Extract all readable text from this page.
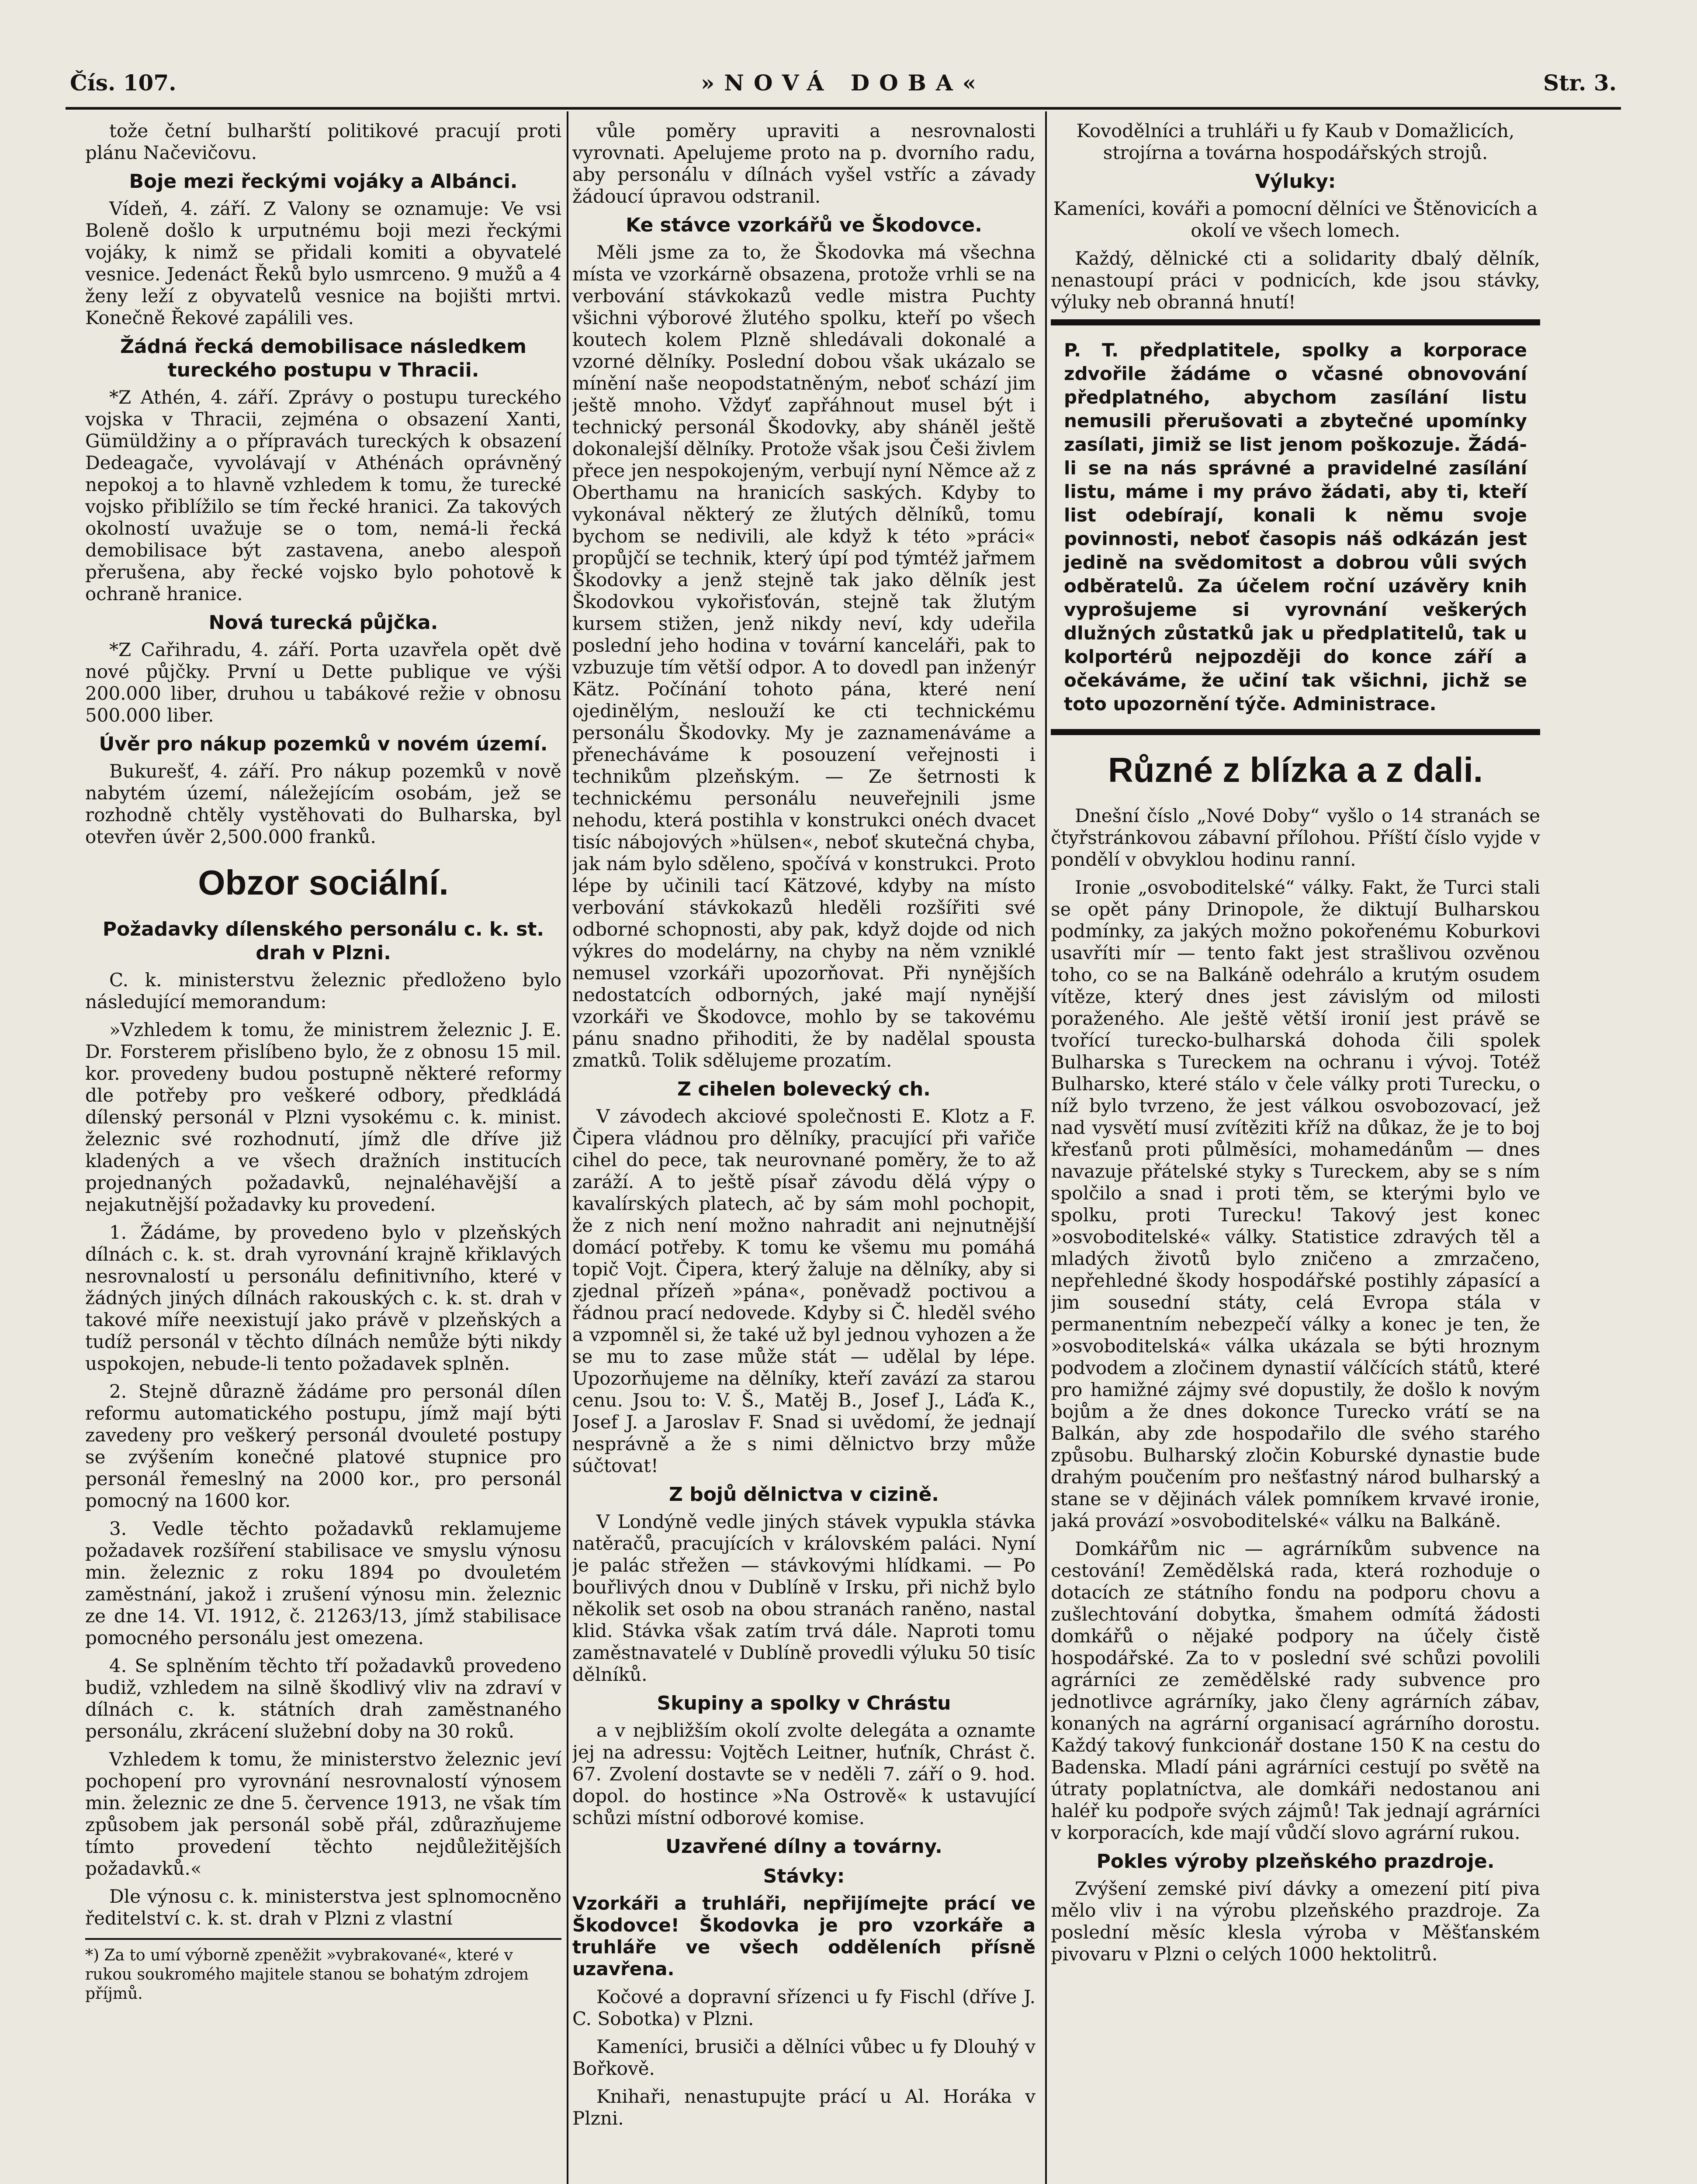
Čís. 107.	»NOVÁ DOBA«	Str. 3.

tože četní bulharští politikové pracují proti plánu Načevičovu.

Boje mezi řeckými vojáky a Albánci.

Vídeň, 4. září. Z Valony se oznamuje: Ve vsi Boleně došlo k urputnému boji mezi řeckými vojáky, k nimž se přidali komiti a obyvatelé vesnice. Jedenáct Řeků bylo usmrceno. 9 mužů a 4 ženy leží z obyvatelů vesnice na bojišti mrtvi. Konečně Řekové zapálili ves.

Žádná řecká demobilisace následkem tureckého postupu v Thracii.

*Z Athén, 4. září. Zprávy o postupu tureckého vojska v Thracii, zejména o obsazení Xanti, Gümüldžiny a o přípravách tureckých k obsazení Dedeagače, vyvolávají v Athénách oprávněný nepokoj a to hlavně vzhledem k tomu, že turecké vojsko přiblížilo se tím řecké hranici. Za takových okolností uvažuje se o tom, nemá-li řecká demobilisace být zastavena, anebo alespoň přerušena, aby řecké vojsko bylo pohotově k ochraně hranice.

Nová turecká půjčka.

*Z Cařihradu, 4. září. Porta uzavřela opět dvě nové půjčky. První u Dette publique ve výši 200.000 liber, druhou u tabákové režie v obnosu 500.000 liber.

Úvěr pro nákup pozemků v novém území.

Bukurešť, 4. září. Pro nákup pozemků v nově nabytém území, náležejícím osobám, jež se rozhodně chtěly vystěhovati do Bulharska, byl otevřen úvěr 2,500.000 franků.

Obzor sociální.
Požadavky dílenského personálu c. k. st. drah v Plzni.

C. k. ministerstvu železnic předloženo bylo následující memorandum:

»Vzhledem k tomu, že ministrem železnic J. E. Dr. Forsterem přislíbeno bylo, že z obnosu 15 mil. kor. provedeny budou postupně některé reformy dle potřeby pro veškeré odbory, předkládá dílenský personál v Plzni vysokému c. k. minist. železnic své rozhodnutí, jímž dle dříve již kladených a ve všech dražních institucích projednaných požadavků, nejnaléhavější a nejakutnější požadavky ku provedení.

1. Žádáme, by provedeno bylo v plzeňských dílnách c. k. st. drah vyrovnání krajně křiklavých nesrovnalostí u personálu definitivního, které v žádných jiných dílnách rakouských c. k. st. drah v takové míře neexistují jako právě v plzeňských a tudíž personál v těchto dílnách nemůže býti nikdy uspokojen, nebude-li tento požadavek splněn.

2. Stejně důrazně žádáme pro personál dílen reformu automatického postupu, jímž mají býti zavedeny pro veškerý personál dvouleté postupy se zvýšením konečné platové stupnice pro personál řemeslný na 2000 kor., pro personál pomocný na 1600 kor.

3. Vedle těchto požadavků reklamujeme požadavek rozšíření stabilisace ve smyslu výnosu min. železnic z roku 1894 po dvouletém zaměstnání, jakož i zrušení výnosu min. železnic ze dne 14. VI. 1912, č. 21263/13, jímž stabilisace pomocného personálu jest omezena.

4. Se splněním těchto tří požadavků provedeno budiž, vzhledem na silně škodlivý vliv na zdraví v dílnách c. k. státních drah zaměstnaného personálu, zkrácení služební doby na 30 roků.

Vzhledem k tomu, že ministerstvo železnic jeví pochopení pro vyrovnání nesrovnalostí výnosem min. železnic ze dne 5. července 1913, ne však tím způsobem jak personál sobě přál, zdůrazňujeme tímto provedení těchto nejdůležitějších požadavků.«

Dle výnosu c. k. ministerstva jest splnomocněno ředitelství c. k. st. drah v Plzni z vlastní

*) Za to umí výborně zpeněžit »vybrakované«, které v rukou soukromého majitele stanou se bohatým zdrojem příjmů.

vůle poměry upraviti a nesrovnalosti vyrovnati. Apelujeme proto na p. dvorního radu, aby personálu v dílnách vyšel vstříc a závady žádoucí úpravou odstranil.

Ke stávce vzorkářů ve Škodovce.

Měli jsme za to, že Škodovka má všechna místa ve vzorkárně obsazena, protože vrhli se na verbování stávkokazů vedle mistra Puchty všichni výborové žlutého spolku, kteří po všech koutech kolem Plzně shledávali dokonalé a vzorné dělníky. Poslední dobou však ukázalo se mínění naše neopodstatněným, neboť schází jim ještě mnoho. Vždyť zapřáhnout musel být i technický personál Škodovky, aby sháněl ještě dokonalejší dělníky. Protože však jsou Češi živlem přece jen nespokojeným, verbují nyní Němce až z Oberthamu na hranicích saských. Kdyby to vykonával některý ze žlutých dělníků, tomu bychom se nedivili, ale když k této »práci« propůjčí se technik, který úpí pod týmtéž jařmem Škodovky a jenž stejně tak jako dělník jest Škodovkou vykořisťován, stejně tak žlutým kursem stižen, jenž nikdy neví, kdy udeřila poslední jeho hodina v tovární kanceláři, pak to vzbuzuje tím větší odpor. A to dovedl pan inženýr Kätz. Počínání tohoto pána, které není ojedinělým, neslouží ke cti technickému personálu Škodovky. My je zaznamenáváme a přenecháváme k posouzení veřejnosti i technikům plzeňským. — Ze šetrnosti k technickému personálu neuveřejnili jsme nehodu, která postihla v konstrukci onéch dvacet tisíc nábojových »hülsen«, neboť skutečná chyba, jak nám bylo sděleno, spočívá v konstrukci. Proto lépe by učinili tací Kätzové, kdyby na místo verbování stávkokazů hleděli rozšířiti své odborné schopnosti, aby pak, když dojde od nich výkres do modelárny, na chyby na něm vzniklé nemusel vzorkáři upozorňovat. Při nynějších nedostatcích odborných, jaké mají nynější vzorkáři ve Škodovce, mohlo by se takovému pánu snadno přihoditi, že by nadělal spousta zmatků. Tolik sdělujeme prozatím.

Z cihelen bolevecký ch.

V závodech akciové společnosti E. Klotz a F. Čipera vládnou pro dělníky, pracující při vařiče cihel do pece, tak neurovnané poměry, že to až zaráží. A to ještě písař závodu dělá výpy o kavalírských platech, ač by sám mohl pochopit, že z nich není možno nahradit ani nejnutnější domácí potřeby. K tomu ke všemu mu pomáhá topič Vojt. Čipera, který žaluje na dělníky, aby si zjednal přízeň »pána«, poněvadž poctivou a řádnou prací nedovede. Kdyby si Č. hleděl svého a vzpomněl si, že také už byl jednou vyhozen a že se mu to zase může stát — udělal by lépe. Upozorňujeme na dělníky, kteří zavází za starou cenu. Jsou to: V. Š., Matěj B., Josef J., Láďa K., Josef J. a Jaroslav F. Snad si uvědomí, že jednají nesprávně a že s nimi dělnictvo brzy může súčtovat!

Z bojů dělnictva v cizině.

V Londýně vedle jiných stávek vypukla stávka natěračů, pracujících v královském paláci. Nyní je palác střežen — stávkovými hlídkami. — Po bouřlivých dnou v Dublíně v Irsku, při nichž bylo několik set osob na obou stranách raněno, nastal klid. Stávka však zatím trvá dále. Naproti tomu zaměstnavatelé v Dublíně provedli výluku 50 tisíc dělníků.

Skupiny a spolky v Chrástu

a v nejbližším okolí zvolte delegáta a oznamte jej na adressu: Vojtěch Leitner, huťník, Chrást č. 67. Zvolení dostavte se v neděli 7. září o 9. hod. dopol. do hostince »Na Ostrově« k ustavující schůzi místní odborové komise.

Uzavřené dílny a továrny.
Stávky:

Vzorkáři a truhláři, nepřijímejte prácí ve Škodovce! Škodovka je pro vzorkáře a truhláře ve všech odděleních přísně uzavřena.

Kočové a dopravní sřízenci u fy Fischl (dříve J. C. Sobotka) v Plzni.

Kameníci, brusiči a dělníci vůbec u fy Dlouhý v Bořkově.

Knihaři, nenastupujte prácí u Al. Horáka v Plzni.

Kovodělníci a truhláři u fy Kaub v Domažlicích, strojírna a továrna hospodářských strojů.

Výluky:

Kameníci, kováři a pomocní dělníci ve Štěnovicích a okolí ve všech lomech.

Každý, dělnické cti a solidarity dbalý dělník, nenastoupí práci v podnicích, kde jsou stávky, výluky neb obranná hnutí!

P. T. předplatitele, spolky a korporace zdvořile žádáme o včasné obnovování předplatného, abychom zasílání listu nemusili přerušovati a zbytečné upomínky zasílati, jimiž se list jenom poškozuje. Žádá-li se na nás správné a pravidelné zasílání listu, máme i my právo žádati, aby ti, kteří list odebírají, konali k němu svoje povinnosti, neboť časopis náš odkázán jest jedině na svědomitost a dobrou vůli svých odběratelů. Za účelem roční uzávěry knih vyprošujeme si vyrovnání veškerých dlužných zůstatků jak u předplatitelů, tak u kolportérů nejpozději do konce září a očekáváme, že učiní tak všichni, jichž se toto upozornění týče. Administrace.
Různé z blízka a z dali.

Dnešní číslo „Nové Doby“ vyšlo o 14 stranách se čtyřstránkovou zábavní přílohou. Příští číslo vyjde v pondělí v obvyklou hodinu ranní.

Ironie „osvoboditelské“ války. Fakt, že Turci stali se opět pány Drinopole, že diktují Bulharskou podmínky, za jakých možno pokořenému Koburkovi usavříti mír — tento fakt jest strašlivou ozvěnou toho, co se na Balkáně odehrálo a krutým osudem vítěze, který dnes jest závislým od milosti poraženého. Ale ještě větší ironií jest právě se tvořící turecko-bulharská dohoda čili spolek Bulharska s Tureckem na ochranu i vývoj. Totéž Bulharsko, které stálo v čele války proti Turecku, o níž bylo tvrzeno, že jest válkou osvobozovací, jež nad vysvětí musí zvítěziti kříž na důkaz, že je to boj křesťanů proti půlměsíci, mohamedánům — dnes navazuje přátelské styky s Tureckem, aby se s ním spolčilo a snad i proti těm, se kterými bylo ve spolku, proti Turecku! Takový jest konec »osvoboditelské« války. Statistice zdravých těl a mladých životů bylo zničeno a zmrzačeno, nepřehledné škody hospodářské postihly zápasící a jim sousední státy, celá Evropa stála v permanentním nebezpečí války a konec je ten, že »osvoboditelská« válka ukázala se býti hroznym podvodem a zločinem dynastií válčících států, které pro hamižné zájmy své dopustily, že došlo k novým bojům a že dnes dokonce Turecko vrátí se na Balkán, aby zde hospodařilo dle svého starého způsobu. Bulharský zločin Koburské dynastie bude drahým poučením pro nešťastný národ bulharský a stane se v dějinách válek pomníkem krvavé ironie, jaká provází »osvoboditelské« válku na Balkáně.

Domkářům nic — agrárníkům subvence na cestování! Zemědělská rada, která rozhoduje o dotacích ze státního fondu na podporu chovu a zušlechtování dobytka, šmahem odmítá žádosti domkářů o nějaké podpory na účely čistě hospodářské. Za to v poslední své schůzi povolili agrárníci ze zemědělské rady subvence pro jednotlivce agrárníky, jako členy agrárních zábav, konaných na agrární organisací agrárního dorostu. Každý takový funkcionář dostane 150 K na cestu do Badenska. Mladí páni agrárníci cestují po světě na útraty poplatníctva, ale domkáři nedostanou ani haléř ku podpoře svých zájmů! Tak jednají agrárníci v korporacích, kde mají vůdčí slovo agrární rukou.

Pokles výroby plzeňského prazdroje.

Zvýšení zemské piví dávky a omezení pití piva mělo vliv i na výrobu plzeňského prazdroje. Za poslední měsíc klesla výroba v Měšťanském pivovaru v Plzni o celých 1000 hektolitrů.
